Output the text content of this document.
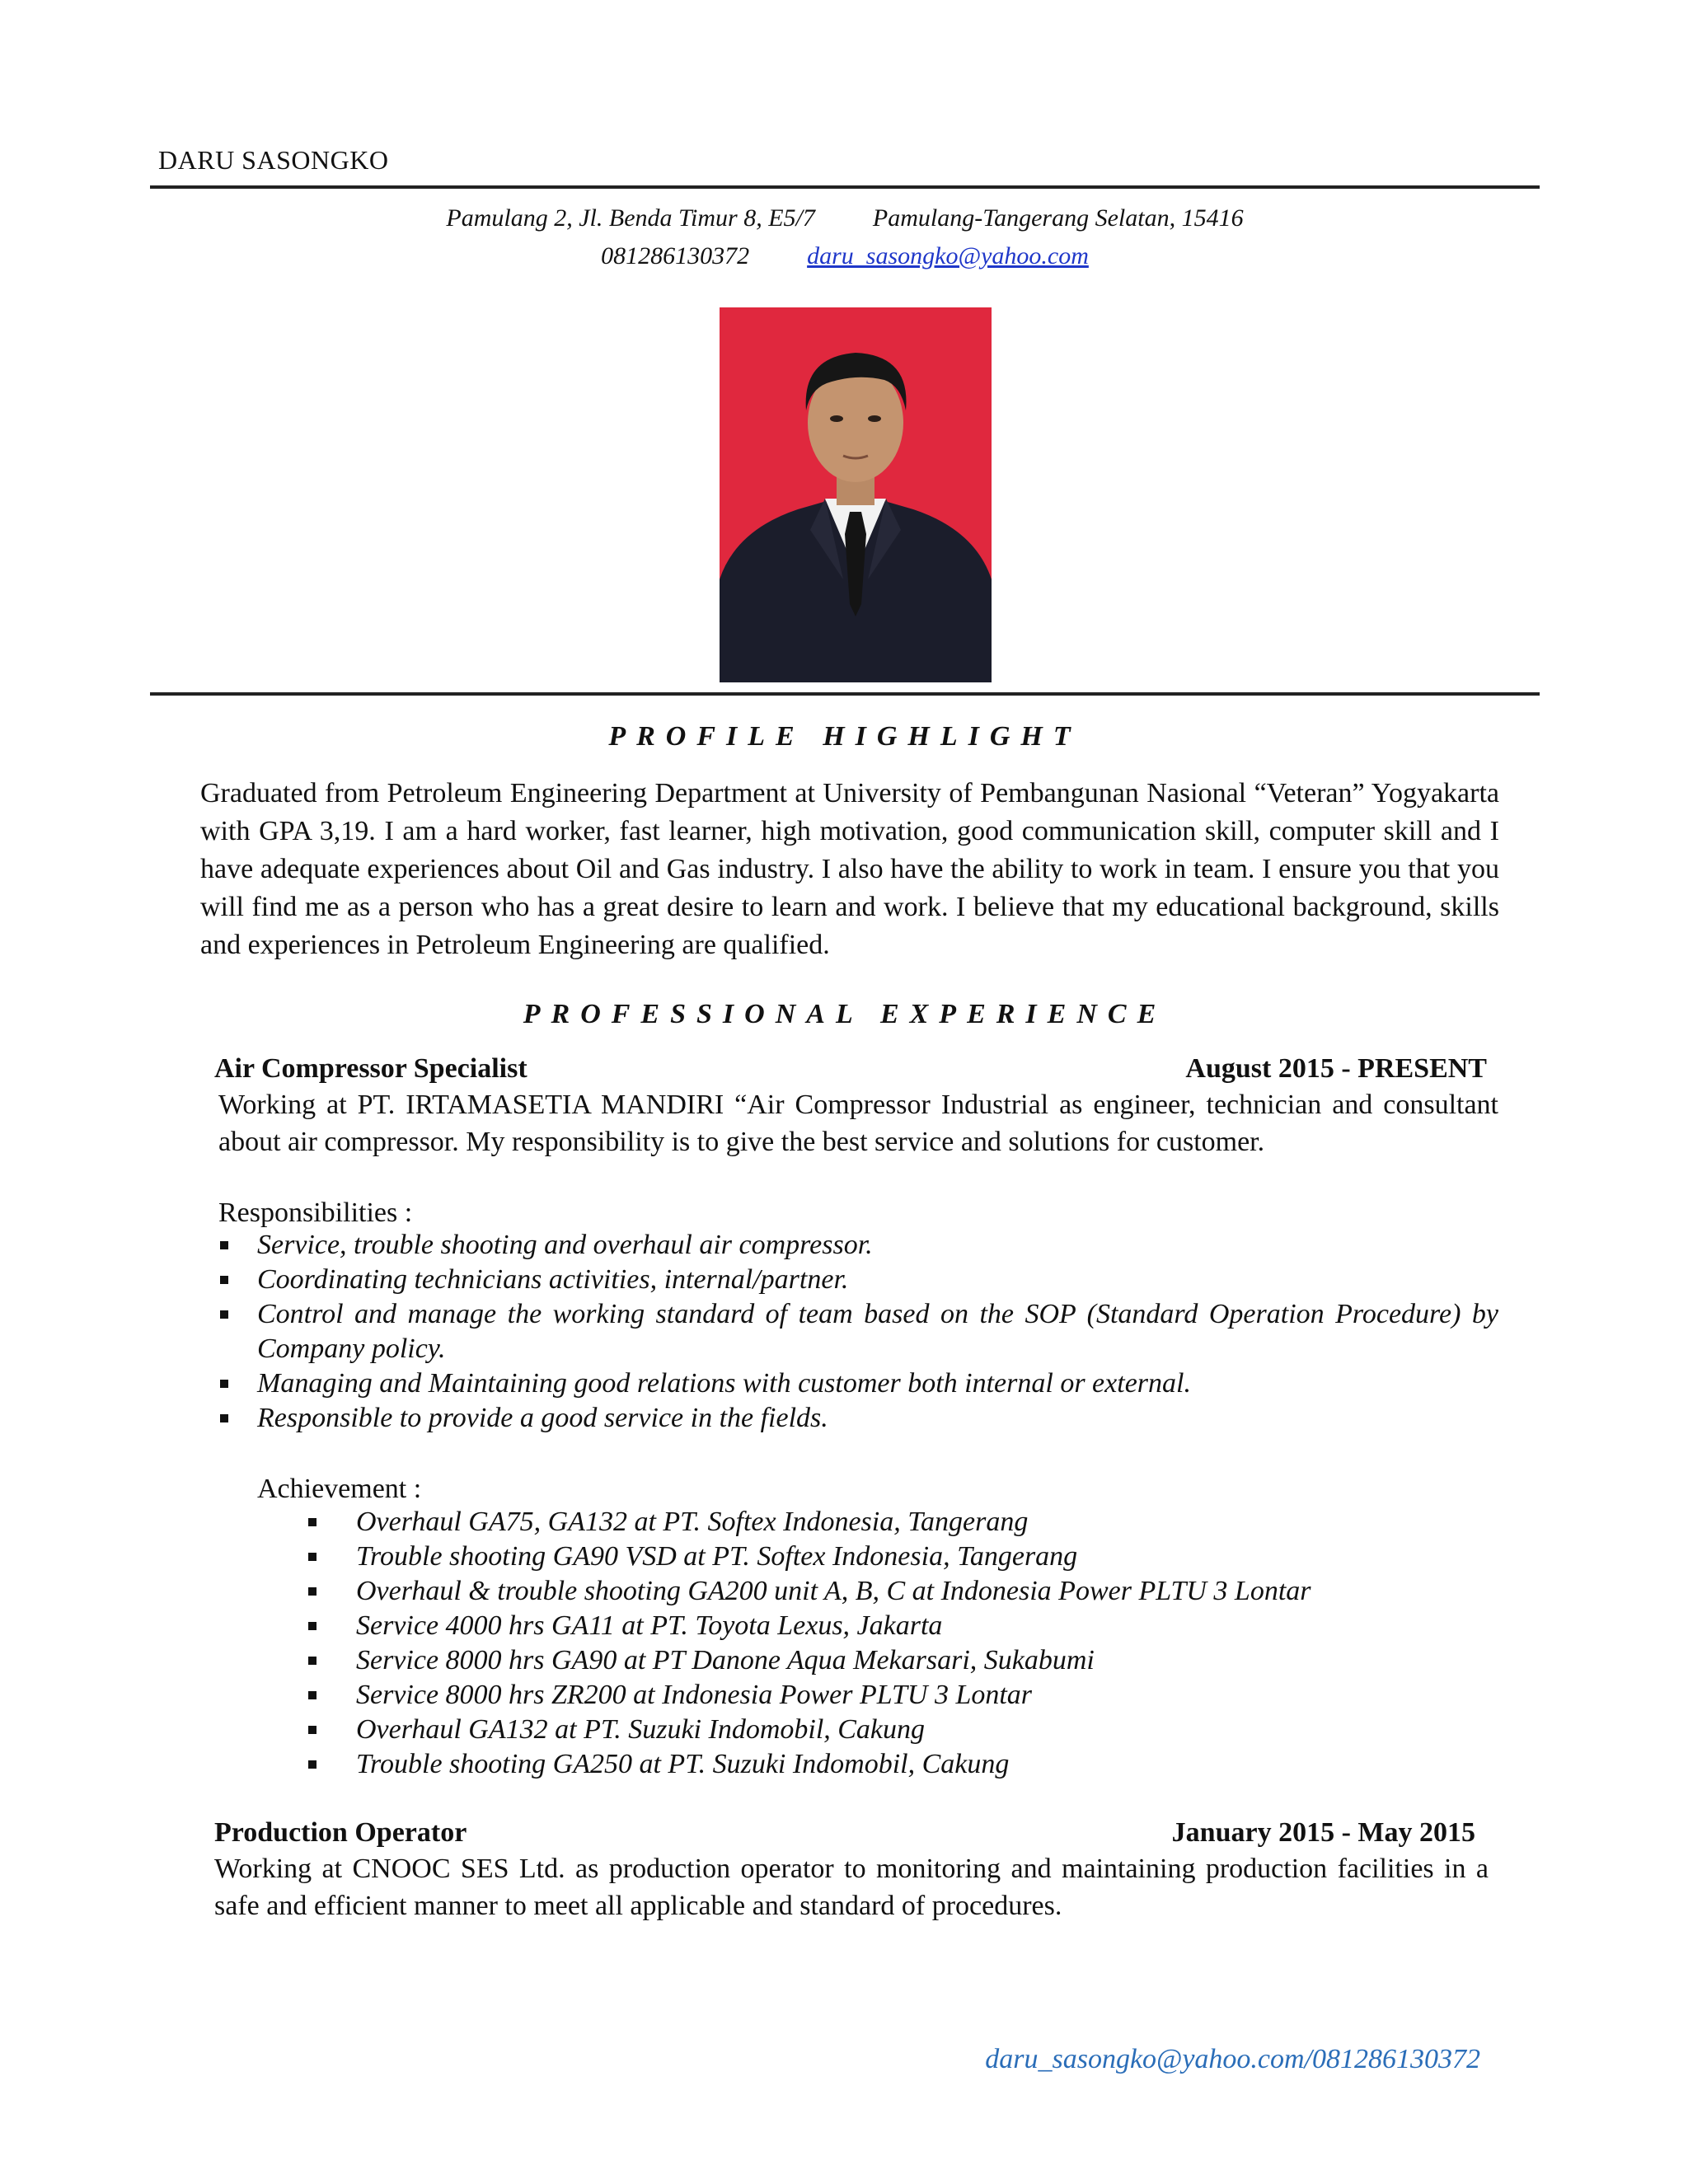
DARU SASONGKO
Pamulang 2, Jl. Benda Timur 8, E5/7 Pamulang-Tangerang Selatan, 15416
081286130372 daru_sasongko@yahoo.com
PROFILE HIGHLIGHT
Graduated from Petroleum Engineering Department at University of Pembangunan Nasional “Veteran” Yogyakarta with GPA 3,19. I am a hard worker, fast learner, high motivation, good communication skill, computer skill and I have adequate experiences about Oil and Gas industry. I also have the ability to work in team. I ensure you that you will find me as a person who has a great desire to learn and work. I believe that my educational background, skills and experiences in Petroleum Engineering are qualified.
PROFESSIONAL EXPERIENCE
Air Compressor Specialist	August 2015 - PRESENT
Working at PT. IRTAMASETIA MANDIRI “Air Compressor Industrial as engineer, technician and consultant about air compressor. My responsibility is to give the best service and solutions for customer.
Responsibilities :
Service, trouble shooting and overhaul air compressor.
Coordinating technicians activities, internal/partner.
Control and manage the working standard of team based on the SOP (Standard Operation Procedure) by Company policy.
Managing and Maintaining good relations with customer both internal or external.
Responsible to provide a good service in the fields.
Achievement :
Overhaul GA75, GA132 at PT. Softex Indonesia, Tangerang
Trouble shooting GA90 VSD at PT. Softex Indonesia, Tangerang
Overhaul & trouble shooting GA200 unit A, B, C at Indonesia Power PLTU 3 Lontar
Service 4000 hrs GA11 at PT. Toyota Lexus, Jakarta
Service 8000 hrs GA90 at PT Danone Aqua Mekarsari, Sukabumi
Service 8000 hrs ZR200 at Indonesia Power PLTU 3 Lontar
Overhaul GA132 at PT. Suzuki Indomobil, Cakung
Trouble shooting GA250 at PT. Suzuki Indomobil, Cakung
Production Operator	January 2015 - May 2015
Working at CNOOC SES Ltd. as production operator to monitoring and maintaining production facilities in a safe and efficient manner to meet all applicable and standard of procedures.
daru_sasongko@yahoo.com/081286130372
